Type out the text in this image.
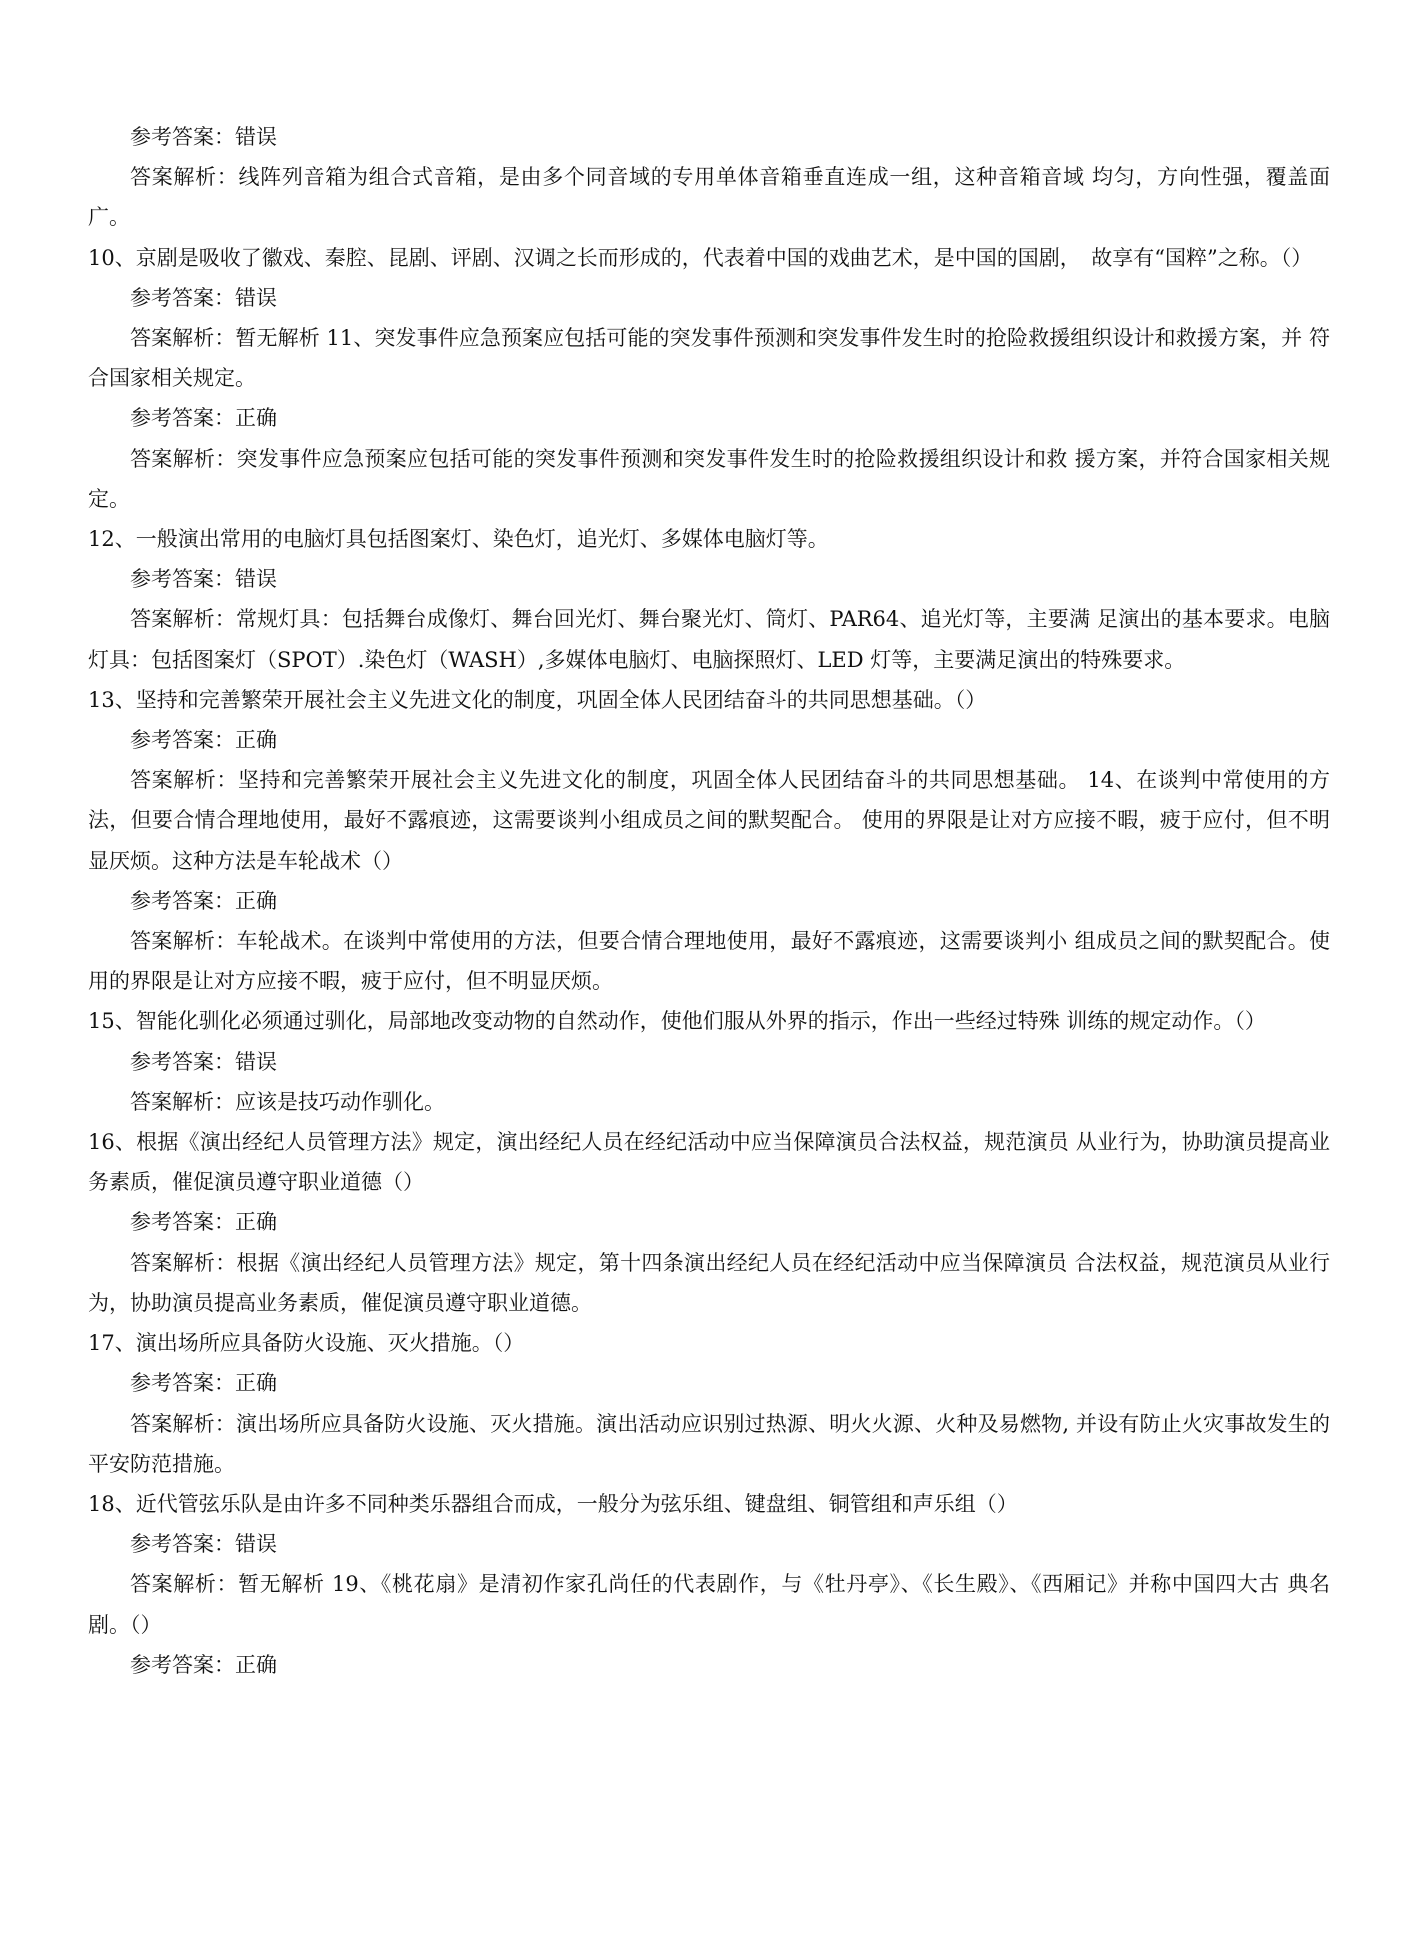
参考答案：错误

答案解析：线阵列音箱为组合式音箱，是由多个同音域的专用单体音箱垂直连成一组，这种音箱音域 均匀，方向性强，覆盖面广。

10、京剧是吸收了徽戏、秦腔、昆剧、评剧、汉调之长而形成的，代表着中国的戏曲艺术，是中国的国剧，　故享有“国粹”之称。（）

参考答案：错误

答案解析：暂无解析 11、突发事件应急预案应包括可能的突发事件预测和突发事件发生时的抢险救援组织设计和救援方案，并 符合国家相关规定。

参考答案：正确

答案解析：突发事件应急预案应包括可能的突发事件预测和突发事件发生时的抢险救援组织设计和救 援方案，并符合国家相关规定。

12、一般演出常用的电脑灯具包括图案灯、染色灯，追光灯、多媒体电脑灯等。

参考答案：错误

答案解析：常规灯具：包括舞台成像灯、舞台回光灯、舞台聚光灯、筒灯、PAR64、追光灯等，主要满 足演出的基本要求。电脑灯具：包括图案灯（SPOT）.染色灯（WASH）,多媒体电脑灯、电脑探照灯、LED 灯等，主要满足演出的特殊要求。

13、坚持和完善繁荣开展社会主义先进文化的制度，巩固全体人民团结奋斗的共同思想基础。（）

参考答案：正确

答案解析：坚持和完善繁荣开展社会主义先进文化的制度，巩固全体人民团结奋斗的共同思想基础。 14、在谈判中常使用的方法，但要合情合理地使用，最好不露痕迹，这需要谈判小组成员之间的默契配合。 使用的界限是让对方应接不暇，疲于应付，但不明显厌烦。这种方法是车轮战术（）

参考答案：正确

答案解析：车轮战术。在谈判中常使用的方法，但要合情合理地使用，最好不露痕迹，这需要谈判小 组成员之间的默契配合。使用的界限是让对方应接不暇，疲于应付，但不明显厌烦。

15、智能化驯化必须通过驯化，局部地改变动物的自然动作，使他们服从外界的指示，作出一些经过特殊 训练的规定动作。（）

参考答案：错误

答案解析：应该是技巧动作驯化。

16、根据《演出经纪人员管理方法》规定，演出经纪人员在经纪活动中应当保障演员合法权益，规范演员 从业行为，协助演员提高业务素质，催促演员遵守职业道德（）

参考答案：正确

答案解析：根据《演出经纪人员管理方法》规定，第十四条演出经纪人员在经纪活动中应当保障演员 合法权益，规范演员从业行为，协助演员提高业务素质，催促演员遵守职业道德。

17、演出场所应具备防火设施、灭火措施。（）

参考答案：正确

答案解析：演出场所应具备防火设施、灭火措施。演出活动应识别过热源、明火火源、火种及易燃物, 并设有防止火灾事故发生的平安防范措施。

18、近代管弦乐队是由许多不同种类乐器组合而成，一般分为弦乐组、键盘组、铜管组和声乐组（）

参考答案：错误

答案解析：暂无解析 19、《桃花扇》是清初作家孔尚任的代表剧作，与《牡丹亭》、《长生殿》、《西厢记》并称中国四大古 典名剧。（）

参考答案：正确
